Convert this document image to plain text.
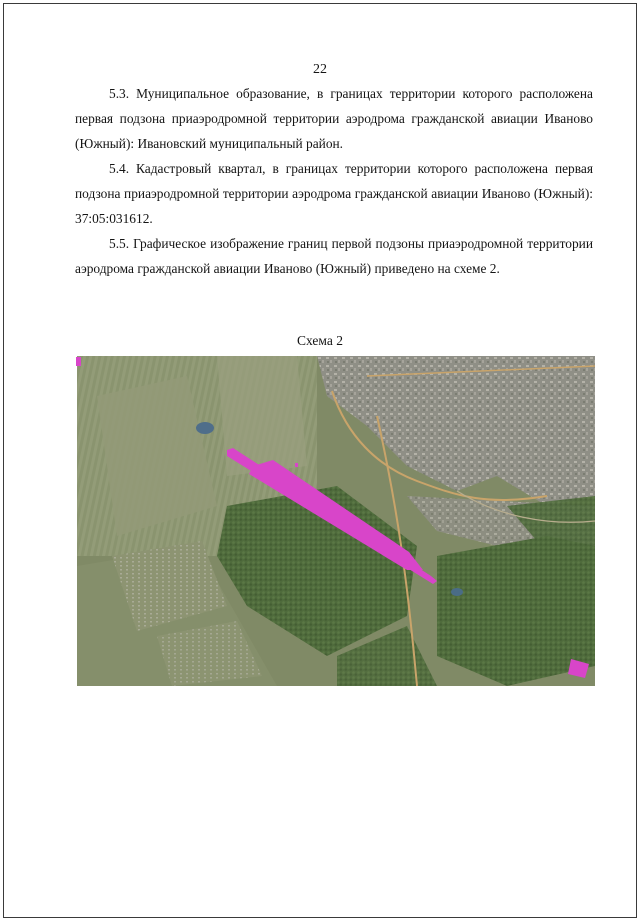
22

5.3. Муниципальное образование, в границах территории которого расположена первая подзона приаэродромной территории аэродрома гражданской авиации Иваново (Южный): Ивановский муниципальный район.

5.4. Кадастровый квартал, в границах территории которого расположена первая подзона приаэродромной территории аэродрома гражданской авиации Иваново (Южный): 37:05:031612.

5.5. Графическое изображение границ первой подзоны приаэродромной территории аэродрома гражданской авиации Иваново (Южный) приведено на схеме 2.

Схема 2
